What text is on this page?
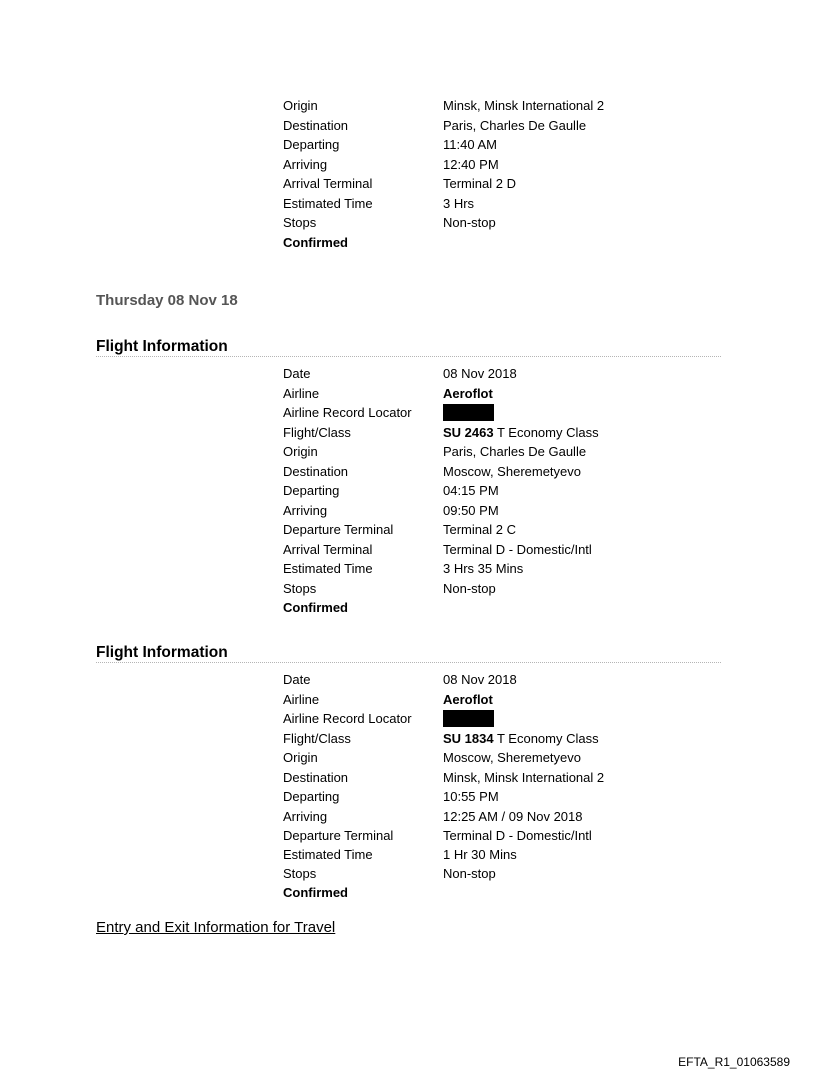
Origin	Minsk, Minsk International 2
Destination	Paris, Charles De Gaulle
Departing	11:40 AM
Arriving	12:40 PM
Arrival Terminal	Terminal 2 D
Estimated Time	3 Hrs
Stops	Non-stop
Confirmed
Thursday 08 Nov 18
Flight Information
Date	08 Nov 2018
Airline	Aeroflot
Airline Record Locator
Flight/Class	SU 2463 T Economy Class
Origin	Paris, Charles De Gaulle
Destination	Moscow, Sheremetyevo
Departing	04:15 PM
Arriving	09:50 PM
Departure Terminal	Terminal 2 C
Arrival Terminal	Terminal D - Domestic/Intl
Estimated Time	3 Hrs 35 Mins
Stops	Non-stop
Confirmed
Flight Information
Date	08 Nov 2018
Airline	Aeroflot
Airline Record Locator
Flight/Class	SU 1834 T Economy Class
Origin	Moscow, Sheremetyevo
Destination	Minsk, Minsk International 2
Departing	10:55 PM
Arriving	12:25 AM / 09 Nov 2018
Departure Terminal	Terminal D - Domestic/Intl
Estimated Time	1 Hr 30 Mins
Stops	Non-stop
Confirmed
Entry and Exit Information for Travel
EFTA_R1_01063589
